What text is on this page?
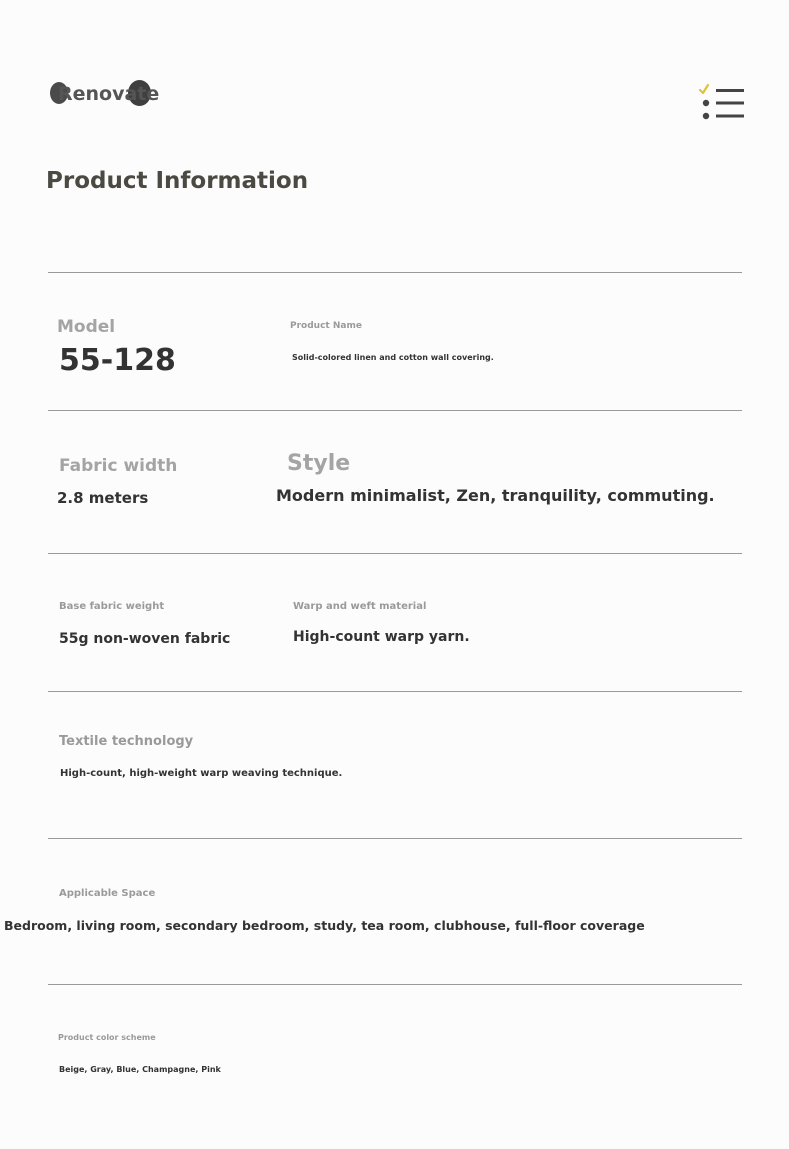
Renovate
Product Information
Model
55-128
Product Name
Solid-colored linen and cotton wall covering.
Fabric width
2.8 meters
Style
Modern minimalist, Zen, tranquility, commuting.
Base fabric weight
55g non-woven fabric
Warp and weft material
High-count warp yarn.
Textile technology
High-count, high-weight warp weaving technique.
Applicable Space
Bedroom, living room, secondary bedroom, study, tea room, clubhouse, full-floor coverage
Product color scheme
Beige, Gray, Blue, Champagne, Pink
